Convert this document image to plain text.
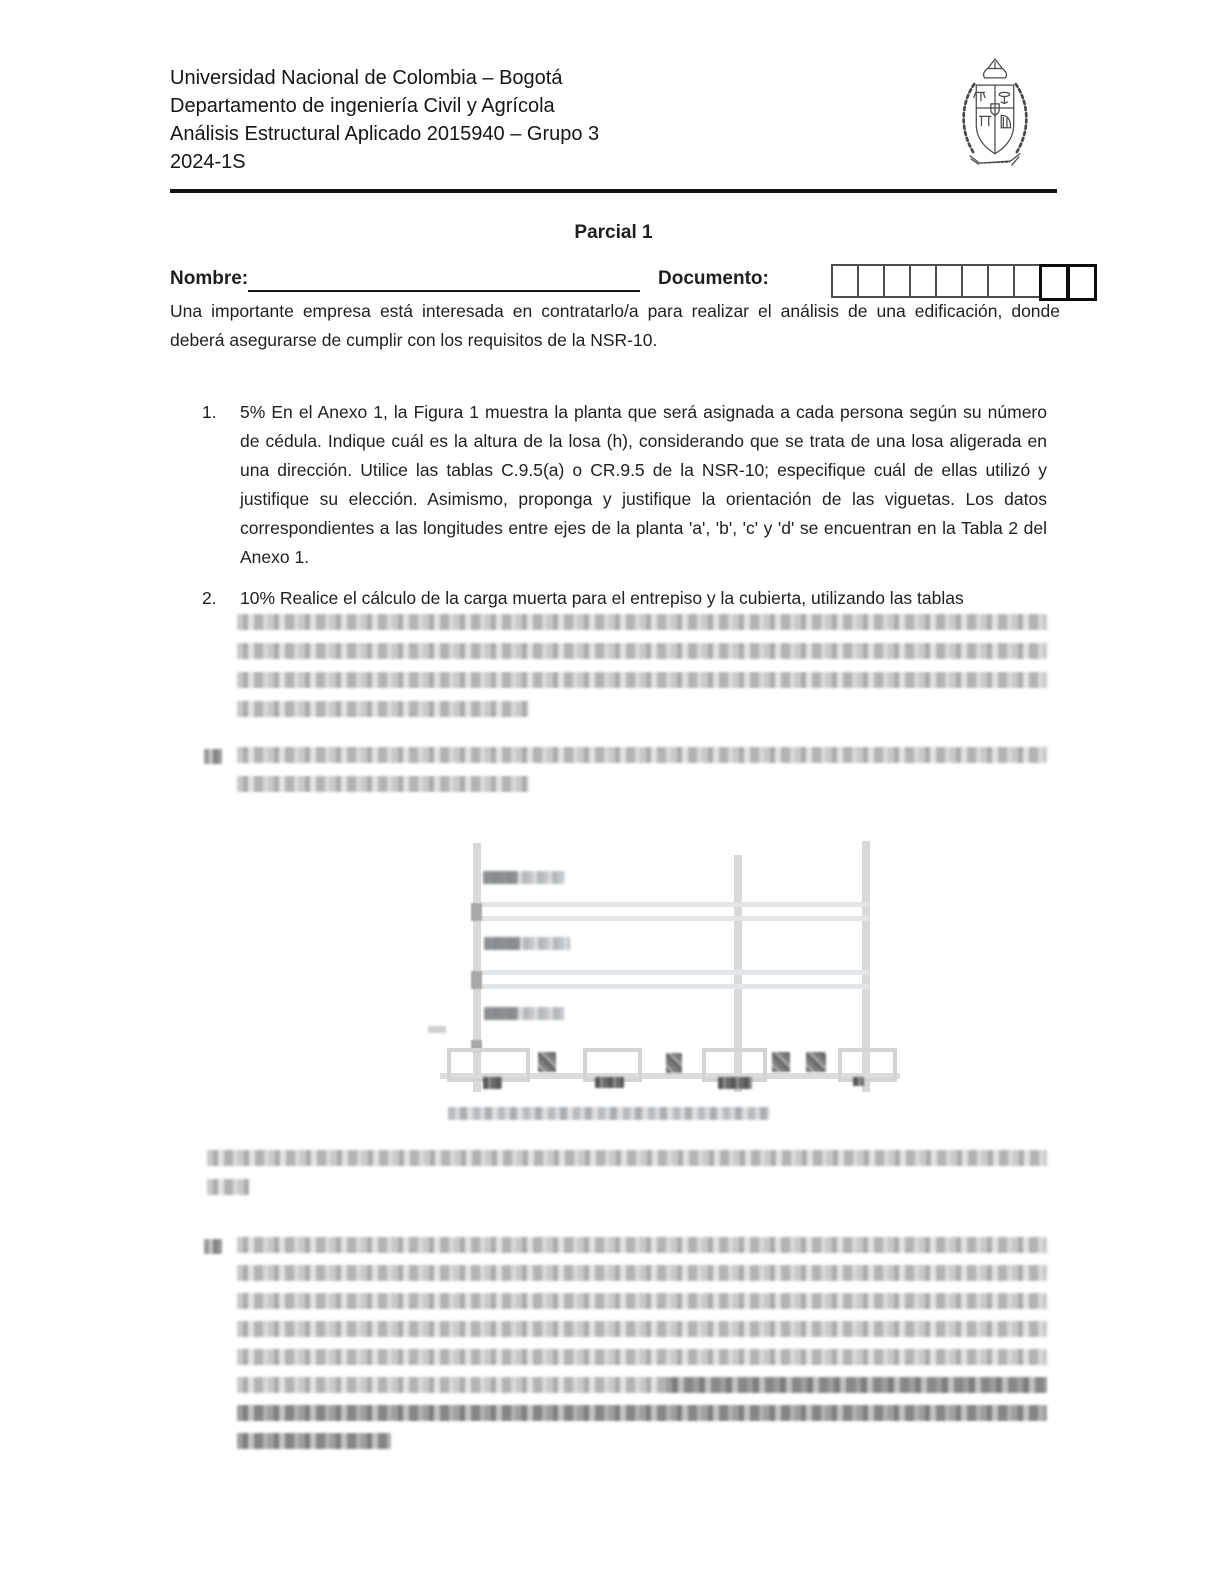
Universidad Nacional de Colombia – Bogotá
Departamento de ingeniería Civil y Agrícola
Análisis Estructural Aplicado 2015940 – Grupo 3
2024-1S
Parcial 1
Nombre:	Documento:

Una importante empresa está interesada en contratarlo/a para realizar el análisis de una edificación, donde deberá asegurarse de cumplir con los requisitos de la NSR-10.

1. 5% En el Anexo 1, la Figura 1 muestra la planta que será asignada a cada persona según su número de cédula. Indique cuál es la altura de la losa (h), considerando que se trata de una losa aligerada en una dirección. Utilice las tablas C.9.5(a) o CR.9.5 de la NSR-10; especifique cuál de ellas utilizó y justifique su elección. Asimismo, proponga y justifique la orientación de las viguetas. Los datos correspondientes a las longitudes entre ejes de la planta 'a', 'b', 'c' y 'd' se encuentran en la Tabla 2 del Anexo 1.
2. 10% Realice el cálculo de la carga muerta para el entrepiso y la cubierta, utilizando las tablas
